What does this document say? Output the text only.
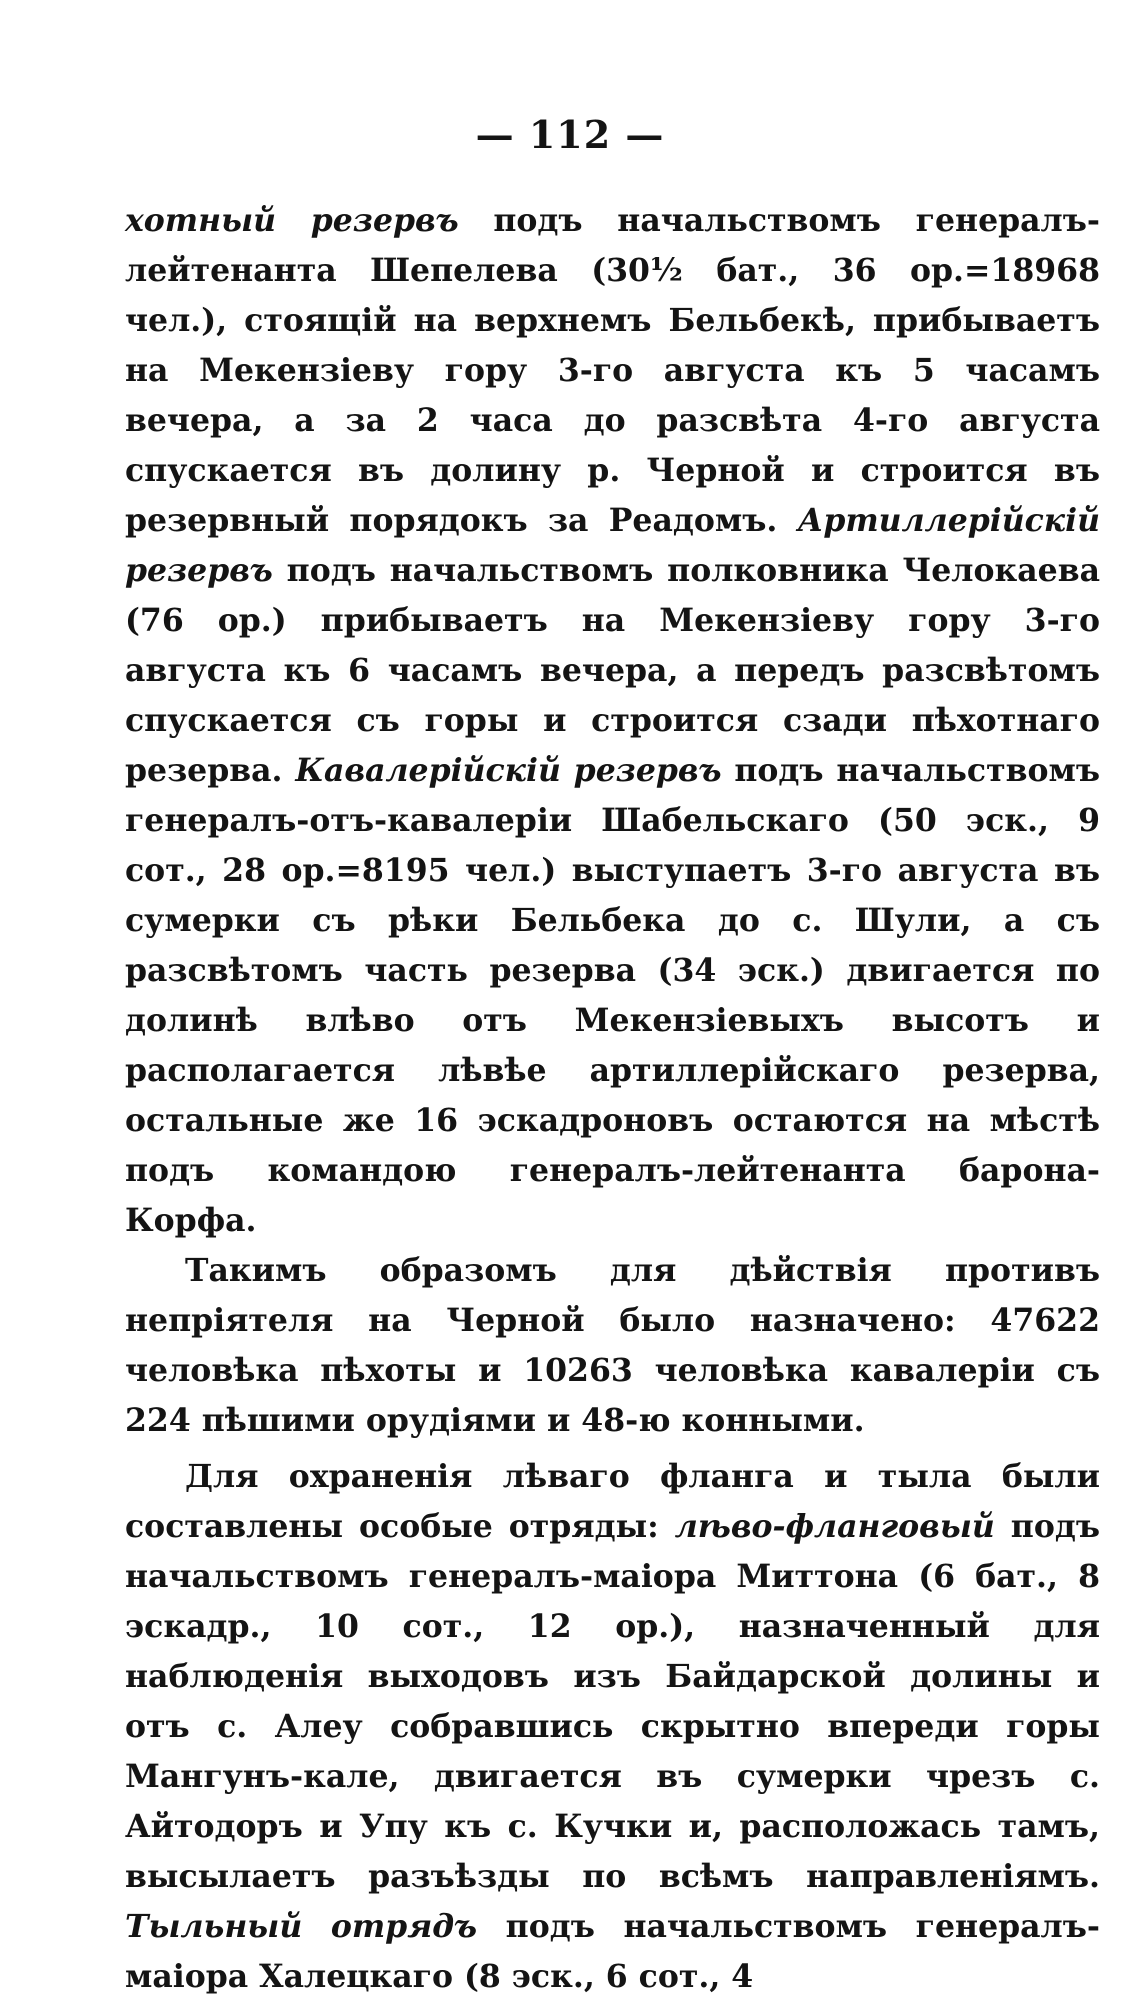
— 112 —

хотный резервъ подъ начальствомъ генералъ-лейтенанта Шепелева (30½ бат., 36 ор.=18968 чел.), стоящій на верхнемъ Бельбекѣ, прибываетъ на Мекензіеву гору 3-го августа къ 5 часамъ вечера, а за 2 часа до разсвѣта 4-го августа спускается въ долину р. Черной и строится въ резервный порядокъ за Реадомъ. Артиллерійскій резервъ подъ начальствомъ полковника Челокаева (76 ор.) прибываетъ на Мекензіеву гору 3-го августа къ 6 часамъ вечера, а передъ разсвѣтомъ спускается съ горы и строится сзади пѣхотнаго резерва. Кавалерійскій резервъ подъ начальствомъ генералъ-отъ-кавалеріи Шабельскаго (50 эск., 9 сот., 28 ор.=8195 чел.) выступаетъ 3-го августа въ сумерки съ рѣки Бельбека до с. Шули, а съ разсвѣтомъ часть резерва (34 эск.) двигается по долинѣ влѣво отъ Мекензіевыхъ высотъ и располагается лѣвѣе артиллерійскаго резерва, остальные же 16 эскадроновъ остаются на мѣстѣ подъ командою генералъ-лейтенанта барона-Корфа.

Такимъ образомъ для дѣйствія противъ непріятеля на Черной было назначено: 47622 человѣка пѣхоты и 10263 человѣка кавалеріи съ 224 пѣшими орудіями и 48-ю конными.

Для охраненія лѣваго фланга и тыла были составлены особые отряды: лѣво-фланговый подъ начальствомъ генералъ-маіора Миттона (6 бат., 8 эскадр., 10 сот., 12 ор.), назначенный для наблюденія выходовъ изъ Байдарской долины и отъ с. Алеу собравшись скрытно впереди горы Мангунъ-кале, двигается въ сумерки чрезъ с. Айтодоръ и Упу къ с. Кучки и, расположась тамъ, высылаетъ разъѣзды по всѣмъ направленіямъ. Тыльный отрядъ подъ начальствомъ генералъ-маіора Халецкаго (8 эск., 6 сот., 4
